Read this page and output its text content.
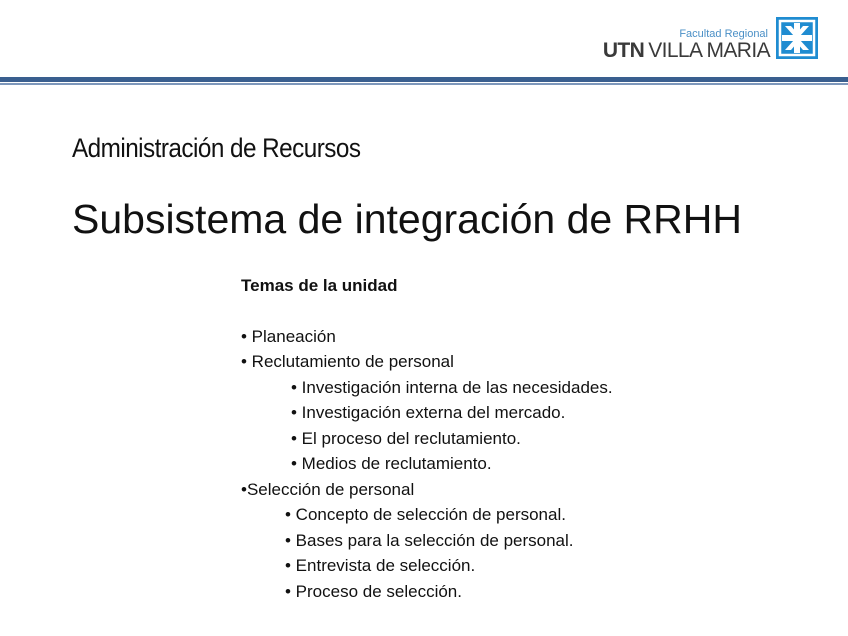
Facultad Regional
UTN VILLA MARIA
Administración de Recursos
Subsistema de integración de RRHH
Temas de la unidad
• Planeación
• Reclutamiento de personal
• Investigación interna de las necesidades.
• Investigación externa del mercado.
• El proceso del reclutamiento.
• Medios de reclutamiento.
•Selección de personal
• Concepto de selección de personal.
• Bases para la selección de personal.
• Entrevista de selección.
• Proceso de selección.
